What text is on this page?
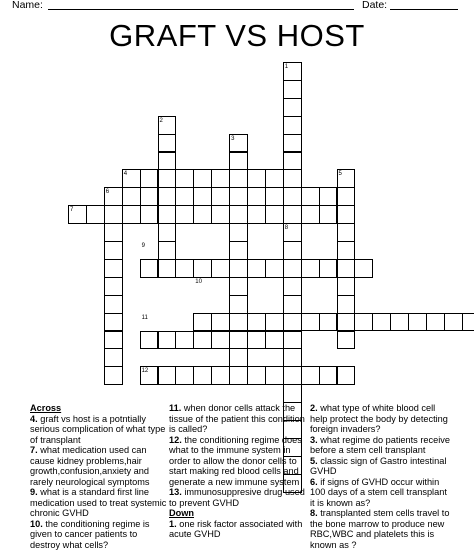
Name:	Date:
GRAFT VS HOST
1
2
3
4	5
6
7
8
9
10
11
12
Across
4. graft vs host is a potntially serious complication of what type of transplant
7. what medication used can cause kidney problems,hair growth,confusion,anxiety and rarely neurological symptoms
9. what is a standard first line medication used to treat systemic chronic GVHD
10. the conditioning regime is given to cancer patients to destroy what cells?
11. when donor cells attack the tissue of the patient this condition is called?
12. the conditioning regime does what to the immune system in order to allow the donor cells to start making red blood cells and generate a new immune system
13. immunosuppresive drug used to prevent GVHD
Down
1. one risk factor associated with acute GVHD
2. what type of white blood cell help protect the body by detecting foreign invaders?
3. what regime do patients receive before a stem cell transplant
5. classic sign of Gastro intestinal GVHD
6. if signs of GVHD occur within 100 days of a stem cell transplant it is known as?
8. transplanted stem cells travel to the bone marrow to produce new RBC,WBC and platelets this is known as ?
